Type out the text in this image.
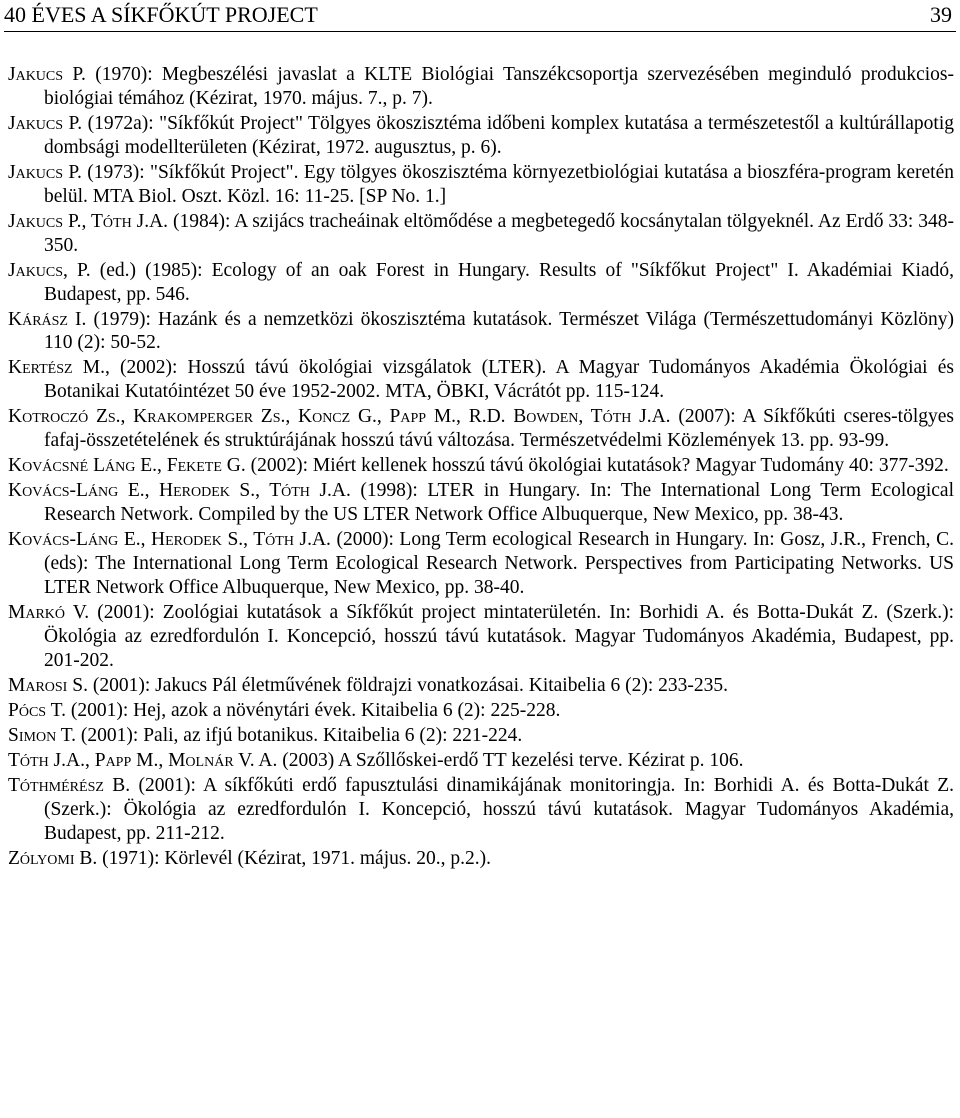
40 ÉVES A SÍKFŐKÚT PROJECT	39

Jakucs P. (1970): Megbeszélési javaslat a KLTE Biológiai Tanszékcsoportja szervezésében meginduló produkcios-biológiai témához (Kézirat, 1970. május. 7., p. 7).

Jakucs P. (1972a): "Síkfőkút Project" Tölgyes ökoszisztéma időbeni komplex kutatása a természetestől a kultúrállapotig dombsági modellterületen (Kézirat, 1972. augusztus, p. 6).

Jakucs P. (1973): "Síkfőkút Project". Egy tölgyes ökoszisztéma környezetbiológiai kutatása a bioszféra-program keretén belül. MTA Biol. Oszt. Közl. 16: 11-25. [SP No. 1.]

Jakucs P., Tóth J.A. (1984): A szijács tracheáinak eltömődése a megbetegedő kocsánytalan tölgyeknél. Az Erdő 33: 348-350.

Jakucs, P. (ed.) (1985): Ecology of an oak Forest in Hungary. Results of "Síkfőkut Project" I. Akadémiai Kiadó, Budapest, pp. 546.

Kárász I. (1979): Hazánk és a nemzetközi ökoszisztéma kutatások. Természet Világa (Természettudományi Közlöny) 110 (2): 50-52.

Kertész M., (2002): Hosszú távú ökológiai vizsgálatok (LTER). A Magyar Tudományos Akadémia Ökológiai és Botanikai Kutatóintézet 50 éve 1952-2002. MTA, ÖBKI, Vácrátót pp. 115-124.

Kotroczó Zs., Krakomperger Zs., Koncz G., Papp M., R.D. Bowden, Tóth J.A. (2007): A Síkfőkúti cseres-tölgyes fafaj-összetételének és struktúrájának hosszú távú változása. Természetvédelmi Közlemények 13. pp. 93-99.

Kovácsné Láng E., Fekete G. (2002): Miért kellenek hosszú távú ökológiai kutatások? Magyar Tudomány 40: 377-392.

Kovács-Láng E., Herodek S., Tóth J.A. (1998): LTER in Hungary. In: The International Long Term Ecological Research Network. Compiled by the US LTER Network Office Albuquerque, New Mexico, pp. 38-43.

Kovács-Láng E., Herodek S., Tóth J.A. (2000): Long Term ecological Research in Hungary. In: Gosz, J.R., French, C.(eds): The International Long Term Ecological Research Network. Perspectives from Participating Networks. US LTER Network Office Albuquerque, New Mexico, pp. 38-40.

Markó V. (2001): Zoológiai kutatások a Síkfőkút project mintaterületén. In: Borhidi A. és Botta-Dukát Z. (Szerk.): Ökológia az ezredfordulón I. Koncepció, hosszú távú kutatások. Magyar Tudományos Akadémia, Budapest, pp. 201-202.

Marosi S. (2001): Jakucs Pál életművének földrajzi vonatkozásai. Kitaibelia 6 (2): 233-235.

Pócs T. (2001): Hej, azok a növénytári évek. Kitaibelia 6 (2): 225-228.

Simon T. (2001): Pali, az ifjú botanikus. Kitaibelia 6 (2): 221-224.

Tóth J.A., Papp M., Molnár V. A. (2003) A Szőllőskei-erdő TT kezelési terve. Kézirat p. 106.

Tóthmérész B. (2001): A síkfőkúti erdő fapusztulási dinamikájának monitoringja. In: Borhidi A. és Botta-Dukát Z. (Szerk.): Ökológia az ezredfordulón I. Koncepció, hosszú távú kutatások. Magyar Tudományos Akadémia, Budapest, pp. 211-212.

Zólyomi B. (1971): Körlevél (Kézirat, 1971. május. 20., p.2.).
